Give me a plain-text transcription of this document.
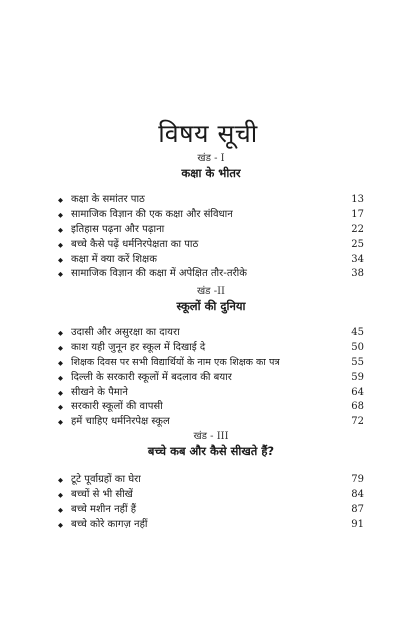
विषय सूची
खंड - I
कक्षा के भीतर
◆ कक्षा के समांतर पाठ	13
◆ सामाजिक विज्ञान की एक कक्षा और संविधान	17
◆ इतिहास पढ़ना और पढ़ाना	22
◆ बच्चे कैसे पढ़ें धर्मनिरपेक्षता का पाठ	25
◆ कक्षा में क्या करें शिक्षक	34
◆ सामाजिक विज्ञान की कक्षा में अपेक्षित तौर-तरीके	38
खंड -II
स्कूलों की दुनिया
◆ उदासी और असुरक्षा का दायरा	45
◆ काश यही जुनून हर स्कूल में दिखाई दे	50
◆ शिक्षक दिवस पर सभी विद्यार्थियों के नाम एक शिक्षक का पत्र	55
◆ दिल्ली के सरकारी स्कूलों में बदलाव की बयार	59
◆ सीखने के पैमाने	64
◆ सरकारी स्कूलों की वापसी	68
◆ हमें चाहिए धर्मनिरपेक्ष स्कूल	72
खंड - III
बच्चे कब और कैसे सीखते हैं?
◆ टूटे पूर्वाग्रहों का घेरा	79
◆ बच्चों से भी सीखें	84
◆ बच्चे मशीन नहीं हैं	87
◆ बच्चे कोरे कागज़ नहीं	91
